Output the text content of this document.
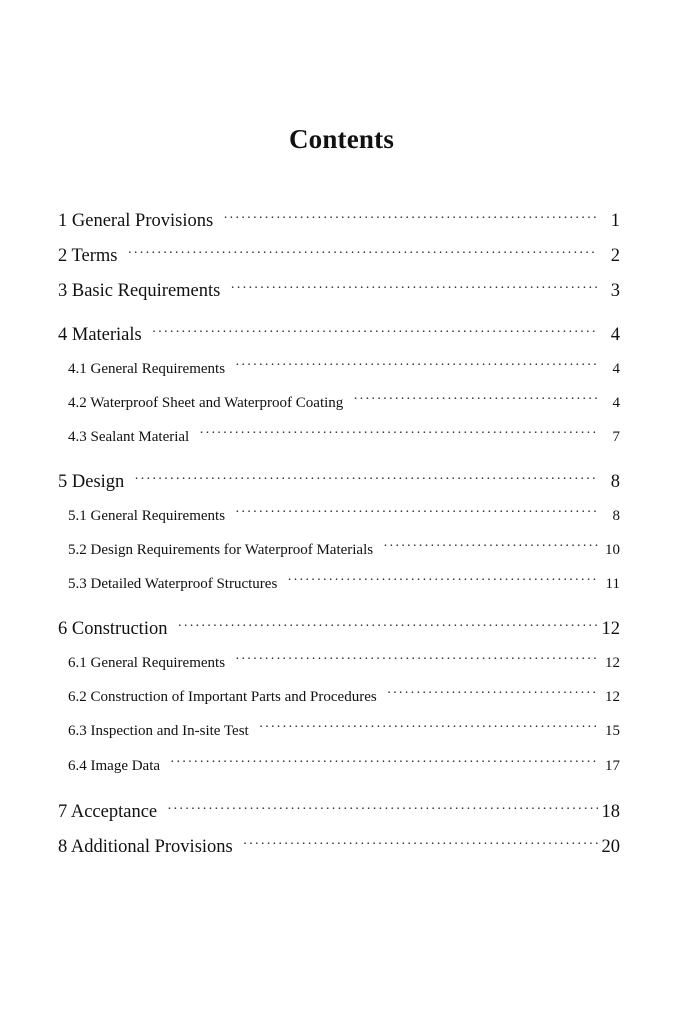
Contents
1 General Provisions ·····	1
2 Terms ·····	2
3 Basic Requirements ·····	3
4 Materials ·····	4
4.1 General Requirements ·····	4
4.2 Waterproof Sheet and Waterproof Coating ·····	4
4.3 Sealant Material ·····	7
5 Design ·····	8
5.1 General Requirements ·····	8
5.2 Design Requirements for Waterproof Materials ·····	10
5.3 Detailed Waterproof Structures ·····	11
6 Construction ·····	12
6.1 General Requirements ·····	12
6.2 Construction of Important Parts and Procedures ·····	12
6.3 Inspection and In-site Test ·····	15
6.4 Image Data ·····	17
7 Acceptance ·····	18
8 Additional Provisions ·····	20
